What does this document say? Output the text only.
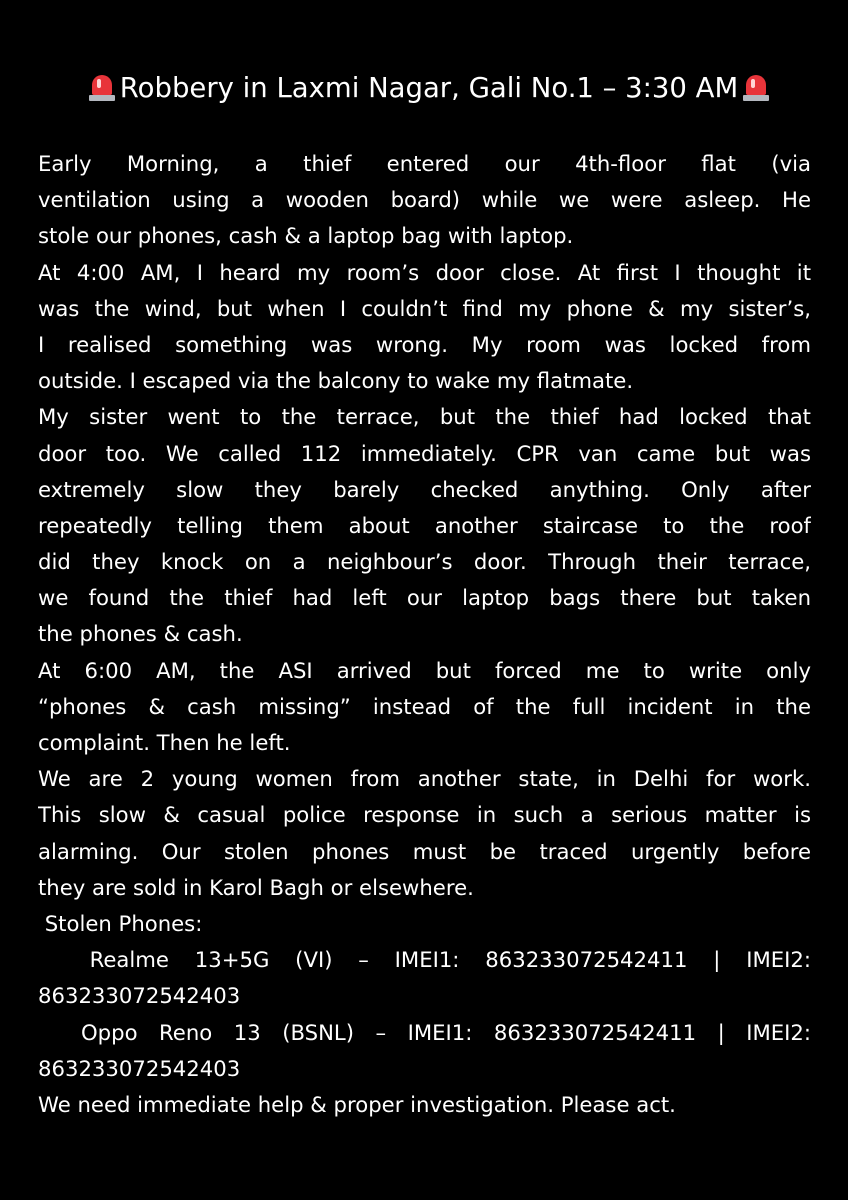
Robbery in Laxmi Nagar, Gali No.1 – 3:30 AM
Early Morning, a thief entered our 4th-floor flat (via
ventilation using a wooden board) while we were asleep. He
stole our phones, cash & a laptop bag with laptop.
At 4:00 AM, I heard my room’s door close. At first I thought it
was the wind, but when I couldn’t find my phone & my sister’s,
I realised something was wrong. My room was locked from
outside. I escaped via the balcony to wake my flatmate.
My sister went to the terrace, but the thief had locked that
door too. We called 112 immediately. CPR van came but was
extremely slow they barely checked anything. Only after
repeatedly telling them about another staircase to the roof
did they knock on a neighbour’s door. Through their terrace,
we found the thief had left our laptop bags there but taken
the phones & cash.
At 6:00 AM, the ASI arrived but forced me to write only
“phones & cash missing” instead of the full incident in the
complaint. Then he left.
We are 2 young women from another state, in Delhi for work.
This slow & casual police response in such a serious matter is
alarming. Our stolen phones must be traced urgently before
they are sold in Karol Bagh or elsewhere.
Stolen Phones:
Realme 13+5G (VI) – IMEI1: 863233072542411 | IMEI2:
863233072542403
Oppo Reno 13 (BSNL) – IMEI1: 863233072542411 | IMEI2:
863233072542403
We need immediate help & proper investigation. Please act.
